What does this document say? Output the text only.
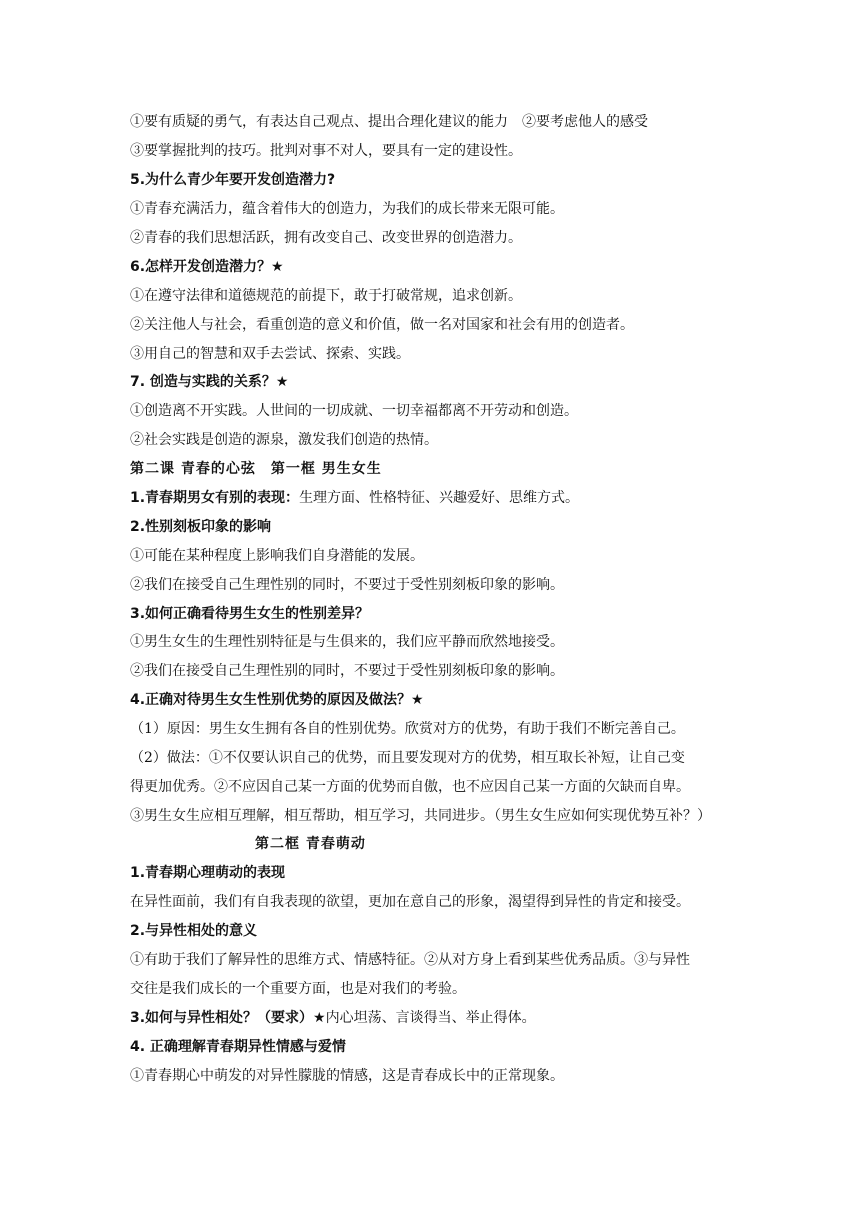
①要有质疑的勇气，有表达自己观点、提出合理化建议的能力　②要考虑他人的感受
③要掌握批判的技巧。批判对事不对人，要具有一定的建设性。
5.为什么青少年要开发创造潜力?
①青春充满活力，蕴含着伟大的创造力，为我们的成长带来无限可能。
②青春的我们思想活跃，拥有改变自己、改变世界的创造潜力。
6.怎样开发创造潜力？★
①在遵守法律和道德规范的前提下，敢于打破常规，追求创新。
②关注他人与社会，看重创造的意义和价值，做一名对国家和社会有用的创造者。
③用自己的智慧和双手去尝试、探索、实践。
7. 创造与实践的关系？★
①创造离不开实践。人世间的一切成就、一切幸福都离不开劳动和创造。
②社会实践是创造的源泉，激发我们创造的热情。
第二课 青春的心弦　第一框 男生女生
1.青春期男女有别的表现：生理方面、性格特征、兴趣爱好、思维方式。
2.性别刻板印象的影响
①可能在某种程度上影响我们自身潜能的发展。
②我们在接受自己生理性别的同时，不要过于受性别刻板印象的影响。
3.如何正确看待男生女生的性别差异？
①男生女生的生理性别特征是与生俱来的，我们应平静而欣然地接受。
②我们在接受自己生理性别的同时，不要过于受性别刻板印象的影响。
4.正确对待男生女生性别优势的原因及做法？★
（1）原因：男生女生拥有各自的性别优势。欣赏对方的优势，有助于我们不断完善自己。
（2）做法：①不仅要认识自己的优势，而且要发现对方的优势，相互取长补短，让自己变
得更加优秀。②不应因自己某一方面的优势而自傲，也不应因自己某一方面的欠缺而自卑。
③男生女生应相互理解，相互帮助，相互学习，共同进步。（男生女生应如何实现优势互补？）
第二框 青春萌动
1.青春期心理萌动的表现
在异性面前，我们有自我表现的欲望，更加在意自己的形象，渴望得到异性的肯定和接受。
2.与异性相处的意义
①有助于我们了解异性的思维方式、情感特征。②从对方身上看到某些优秀品质。③与异性
交往是我们成长的一个重要方面，也是对我们的考验。
3.如何与异性相处？（要求）★内心坦荡、言谈得当、举止得体。
4. 正确理解青春期异性情感与爱情
①青春期心中萌发的对异性朦胧的情感，这是青春成长中的正常现象。
